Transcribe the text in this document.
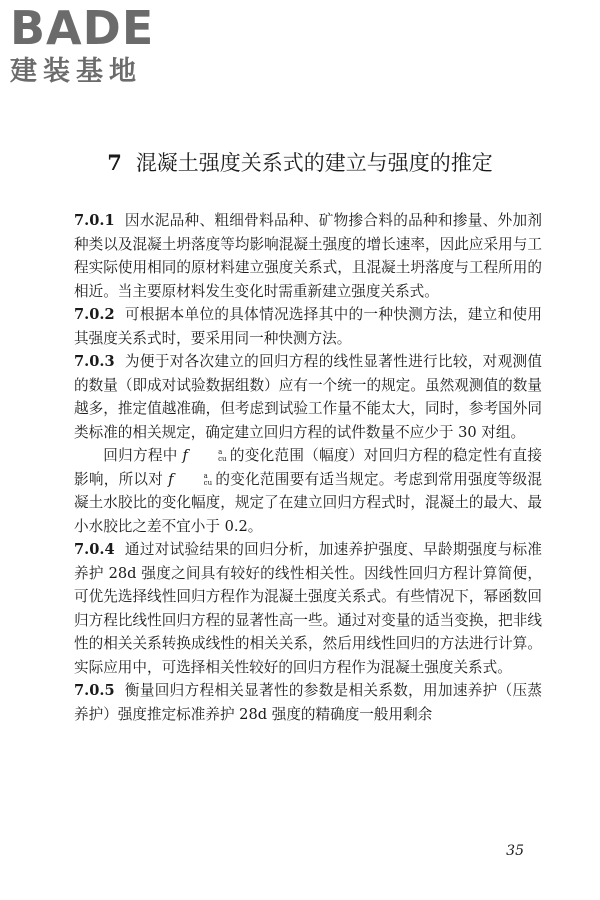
BADE
建装基地
7 混凝土强度关系式的建立与强度的推定

7.0.1 因水泥品种、粗细骨料品种、矿物掺合料的品种和掺量、外加剂种类以及混凝土坍落度等均影响混凝土强度的增长速率，因此应采用与工程实际使用相同的原材料建立强度关系式，且混凝土坍落度与工程所用的相近。当主要原材料发生变化时需重新建立强度关系式。

7.0.2 可根据本单位的具体情况选择其中的一种快测方法，建立和使用其强度关系式时，要采用同一种快测方法。

7.0.3 为便于对各次建立的回归方程的线性显著性进行比较，对观测值的数量（即成对试验数据组数）应有一个统一的规定。虽然观测值的数量越多，推定值越准确，但考虑到试验工作量不能太大，同时，参考国外同类标准的相关规定，确定建立回归方程的试件数量不应少于 30 对组。

回归方程中 f	a
cu 的变化范围（幅度）对回归方程的稳定性有直接影响，所以对 f	a
cu 的变化范围要有适当规定。考虑到常用强度等级混凝土水胶比的变化幅度，规定了在建立回归方程式时，混凝土的最大、最小水胶比之差不宜小于 0.2。

7.0.4 通过对试验结果的回归分析，加速养护强度、早龄期强度与标准养护 28d 强度之间具有较好的线性相关性。因线性回归方程计算简便，可优先选择线性回归方程作为混凝土强度关系式。有些情况下，幂函数回归方程比线性回归方程的显著性高一些。通过对变量的适当变换，把非线性的相关关系转换成线性的相关关系，然后用线性回归的方法进行计算。实际应用中，可选择相关性较好的回归方程作为混凝土强度关系式。

7.0.5 衡量回归方程相关显著性的参数是相关系数，用加速养护（压蒸养护）强度推定标准养护 28d 强度的精确度一般用剩余

35
